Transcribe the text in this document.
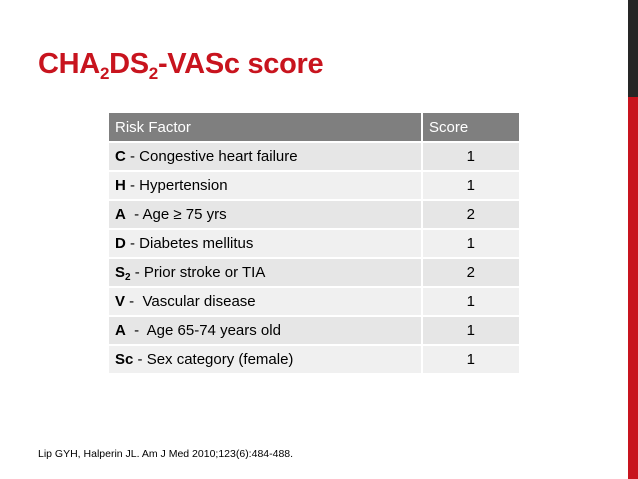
$CHA_2DS_2$-VASc score
Risk Factor	Score
C - Congestive heart failure	1
H - Hypertension	1
A  - Age ≥ 75 yrs	2
D - Diabetes mellitus	1
$S_2$ - Prior stroke or TIA	2
V -  Vascular disease	1
A  -  Age 65-74 years old	1
Sc - Sex category (female)	1
Lip GYH, Halperin JL. Am J Med 2010;123(6):484-488.
